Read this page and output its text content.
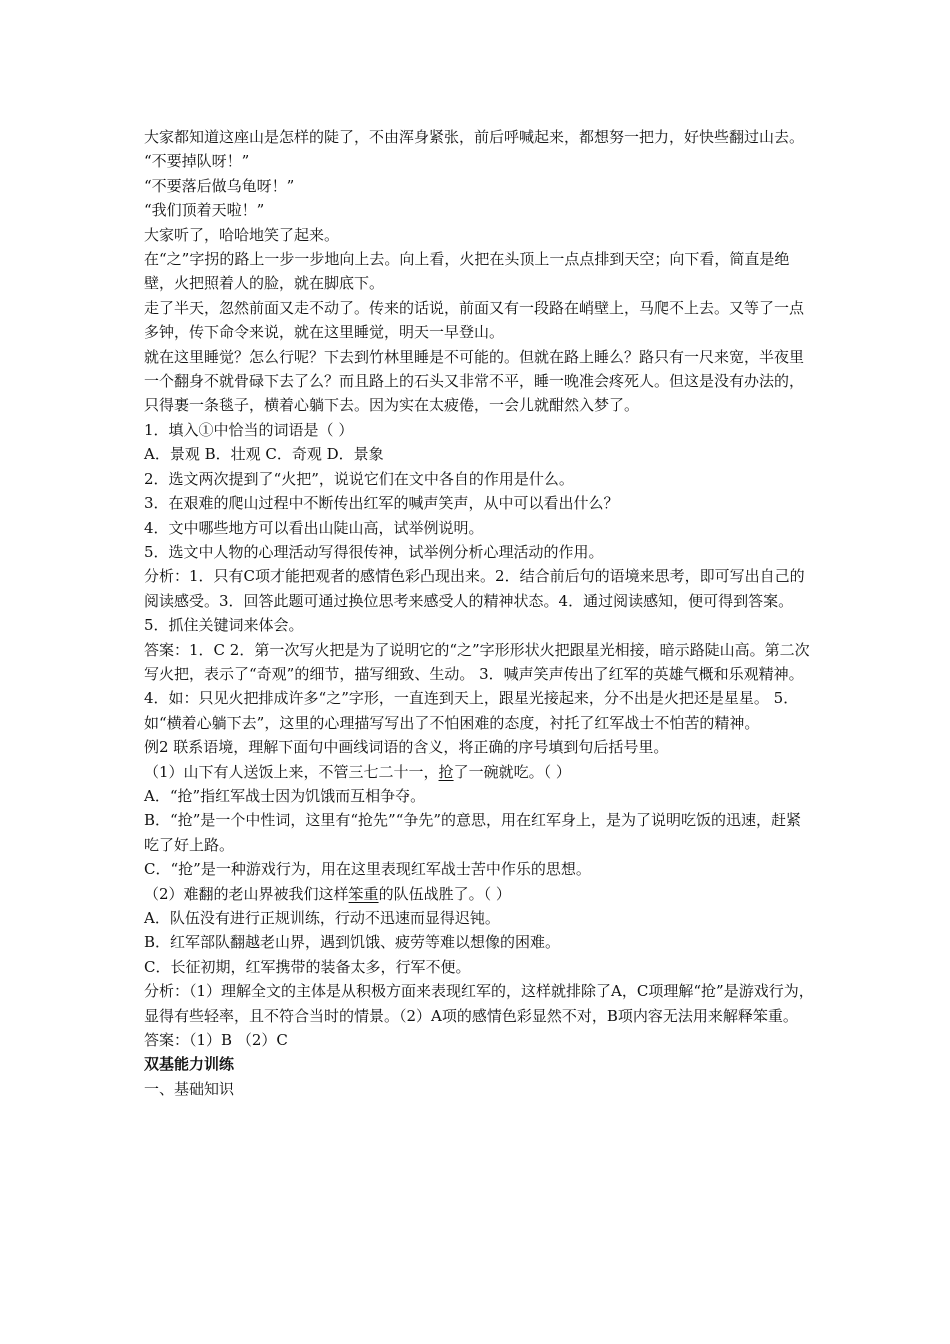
大家都知道这座山是怎样的陡了，不由浑身紧张，前后呼喊起来，都想努一把力，好快些翻过山去。

“不要掉队呀！”

“不要落后做乌龟呀！”

“我们顶着天啦！”

大家听了，哈哈地笑了起来。

在“之”字拐的路上一步一步地向上去。向上看，火把在头顶上一点点排到天空；向下看，简直是绝壁，火把照着人的脸，就在脚底下。

走了半天，忽然前面又走不动了。传来的话说，前面又有一段路在峭壁上，马爬不上去。又等了一点多钟，传下命令来说，就在这里睡觉，明天一早登山。

就在这里睡觉？怎么行呢？下去到竹林里睡是不可能的。但就在路上睡么？路只有一尺来宽，半夜里一个翻身不就骨碌下去了么？而且路上的石头又非常不平，睡一晚准会疼死人。但这是没有办法的，只得裹一条毯子，横着心躺下去。因为实在太疲倦，一会儿就酣然入梦了。

1．填入①中恰当的词语是（ ）

A．景观 B．壮观 C．奇观 D．景象

2．选文两次提到了“火把”，说说它们在文中各自的作用是什么。

3．在艰难的爬山过程中不断传出红军的喊声笑声，从中可以看出什么？

4．文中哪些地方可以看出山陡山高，试举例说明。

5．选文中人物的心理活动写得很传神，试举例分析心理活动的作用。

分析：1．只有C项才能把观者的感情色彩凸现出来。2．结合前后句的语境来思考，即可写出自己的阅读感受。3．回答此题可通过换位思考来感受人的精神状态。4．通过阅读感知，便可得到答案。5．抓住关键词来体会。

答案：1．C 2．第一次写火把是为了说明它的“之”字形形状火把跟星光相接，暗示路陡山高。第二次写火把，表示了“奇观”的细节，描写细致、生动。 3．喊声笑声传出了红军的英雄气概和乐观精神。 4．如：只见火把排成许多“之”字形，一直连到天上，跟星光接起来，分不出是火把还是星星。 5．如“横着心躺下去”，这里的心理描写写出了不怕困难的态度，衬托了红军战士不怕苦的精神。

例2 联系语境，理解下面句中画线词语的含义，将正确的序号填到句后括号里。

（1）山下有人送饭上来，不管三七二十一，抢了一碗就吃。（ ）

A．“抢”指红军战士因为饥饿而互相争夺。

B．“抢”是一个中性词，这里有“抢先”“争先”的意思，用在红军身上，是为了说明吃饭的迅速，赶紧吃了好上路。

C．“抢”是一种游戏行为，用在这里表现红军战士苦中作乐的思想。

（2）难翻的老山界被我们这样笨重的队伍战胜了。（ ）

A．队伍没有进行正规训练，行动不迅速而显得迟钝。

B．红军部队翻越老山界，遇到饥饿、疲劳等难以想像的困难。

C．长征初期，红军携带的装备太多，行军不便。

分析：（1）理解全文的主体是从积极方面来表现红军的，这样就排除了A，C项理解“抢”是游戏行为，显得有些轻率，且不符合当时的情景。（2）A项的感情色彩显然不对，B项内容无法用来解释笨重。

答案：（1）B （2）C

双基能力训练

一、基础知识
